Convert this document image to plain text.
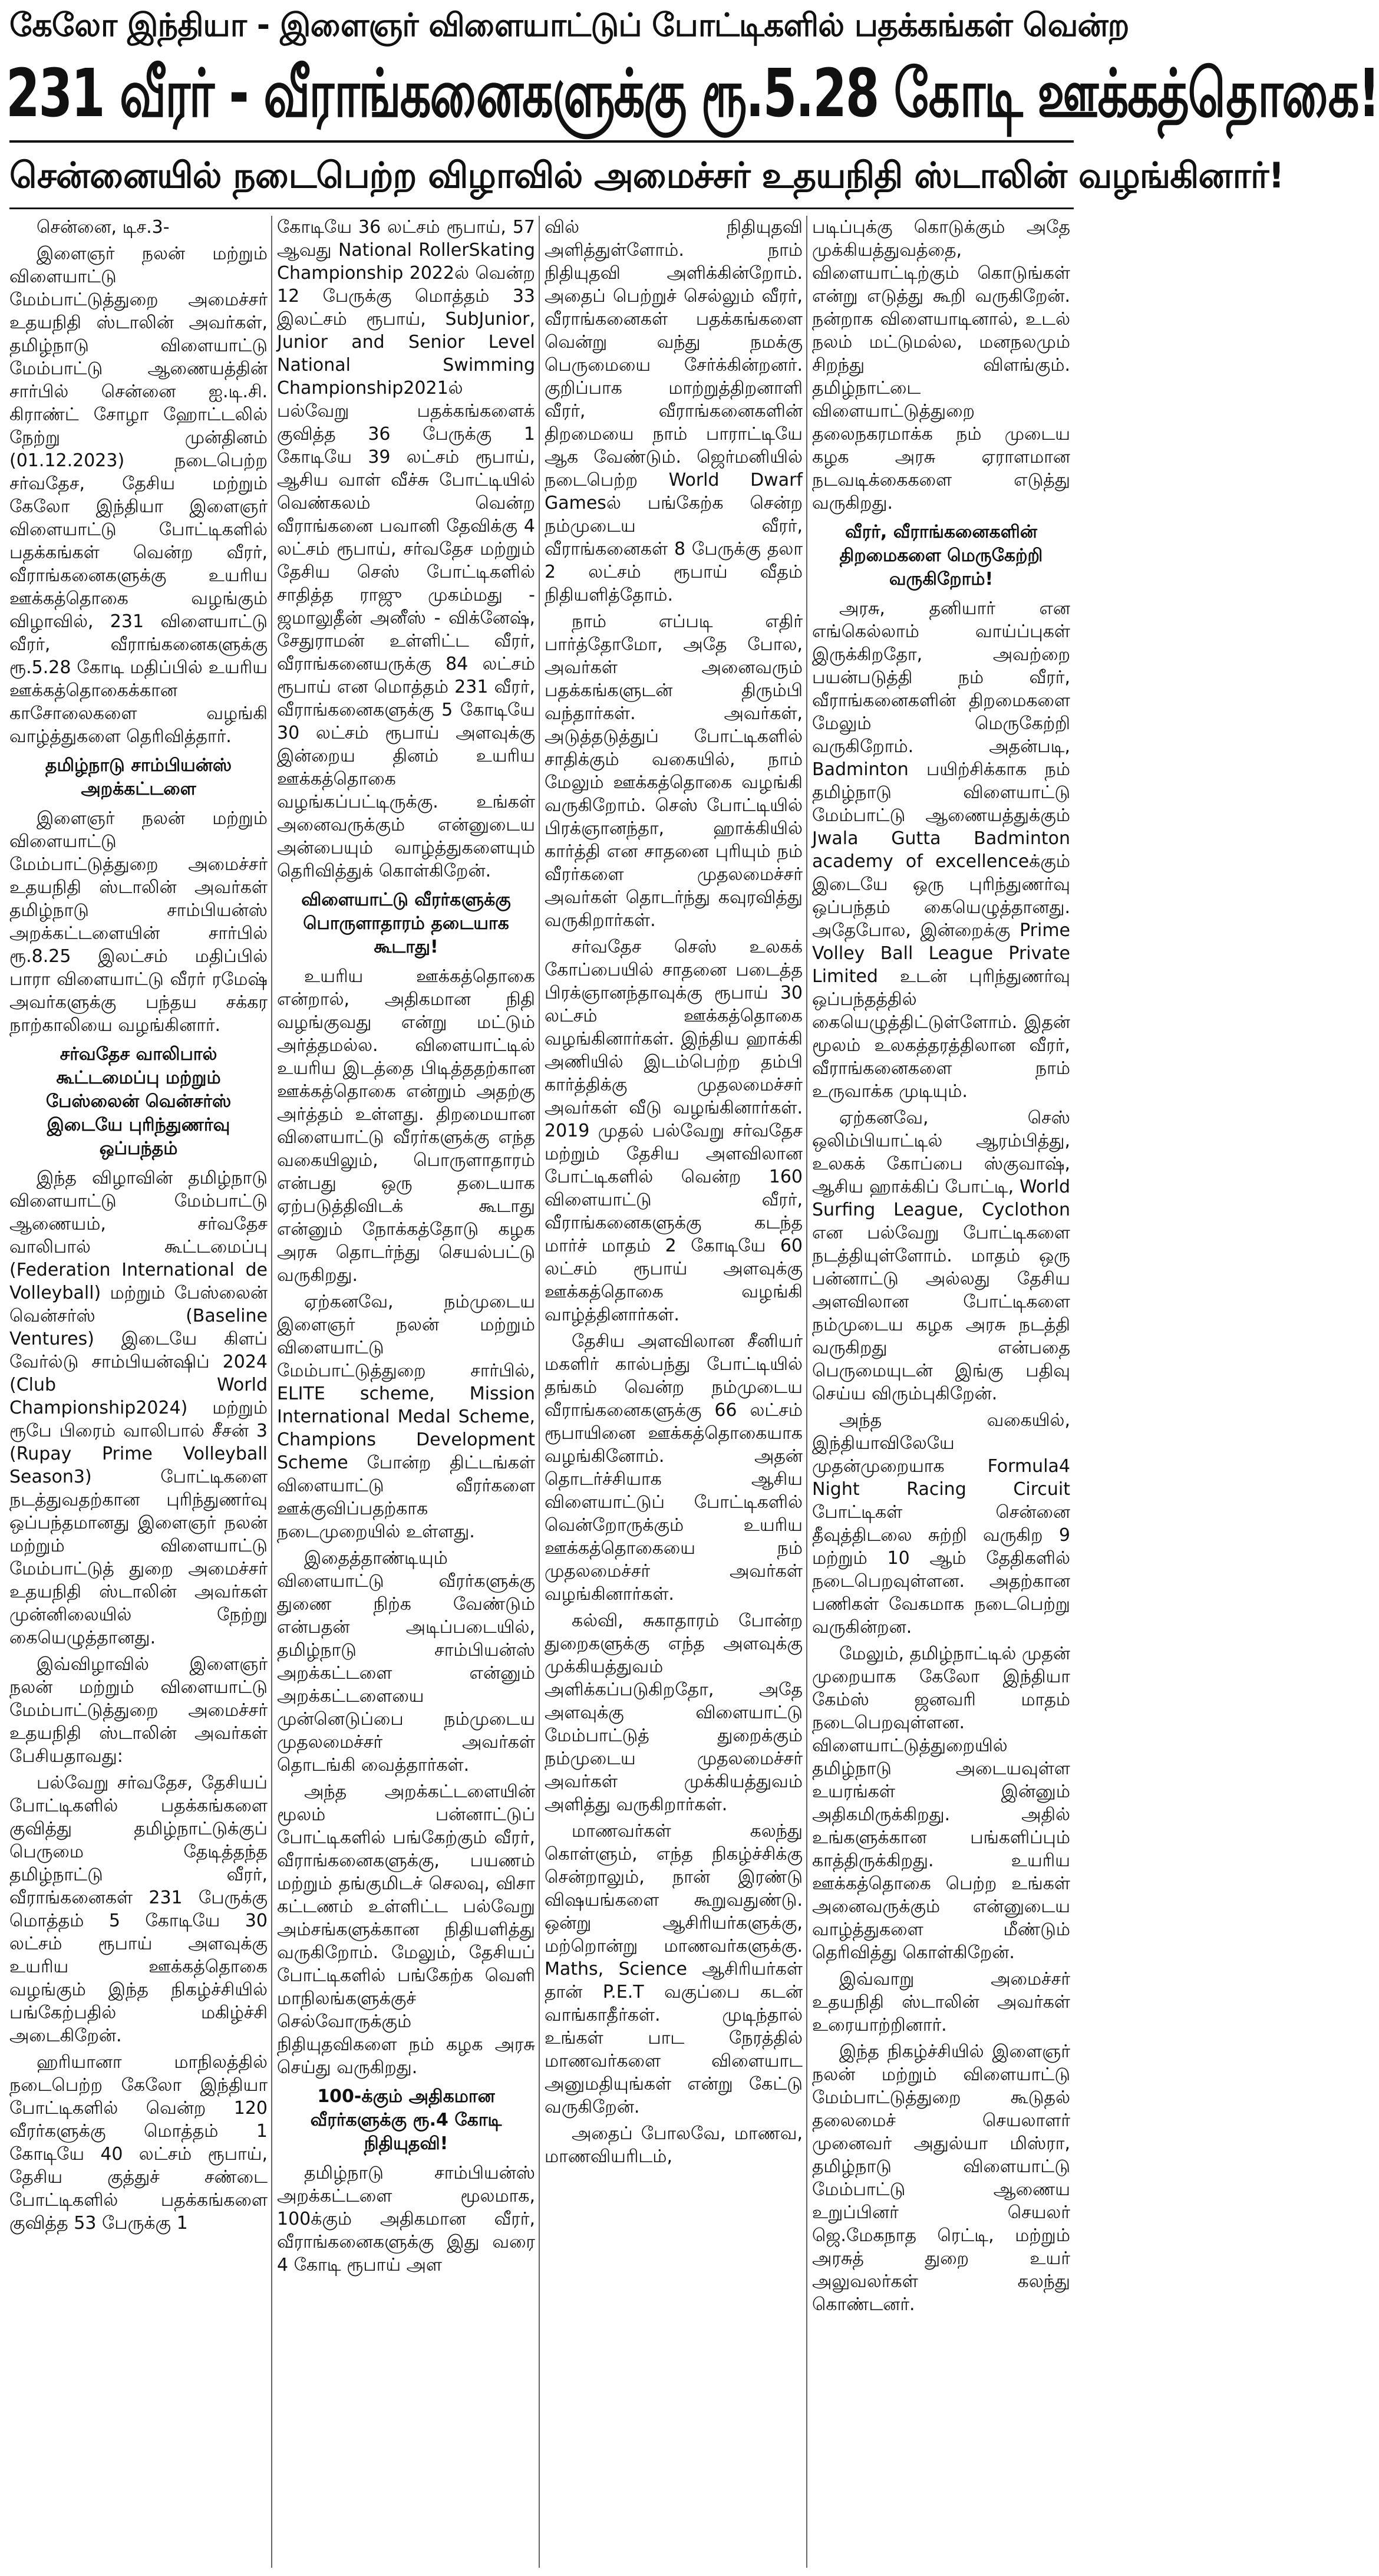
கேலோ இந்தியா - இளைஞர் விளையாட்டுப் போட்டிகளில் பதக்கங்கள் வென்ற
231 வீரர் - வீராங்கனைகளுக்கு ரூ.5.28 கோடி ஊக்கத்தொகை!
சென்னையில் நடைபெற்ற விழாவில் அமைச்சர் உதயநிதி ஸ்டாலின் வழங்கினார்!

சென்னை, டிச.3-

இளைஞர் நலன் மற்றும் விளையாட்டு மேம்பாட்டுத்துறை அமைச்சர் உதயநிதி ஸ்டாலின் அவர்கள், தமிழ்நாடு விளையாட்டு மேம்பாட்டு ஆணையத்தின் சார்பில் சென்னை ஐ.டி.சி. கிராண்ட் சோழா ஹோட்டலில் நேற்று முன்தினம் (01.12.2023) நடைபெற்ற சர்வதேச, தேசிய மற்றும் கேலோ இந்தியா இளைஞர் விளையாட்டு போட்டிகளில் பதக்கங்கள் வென்ற வீரர், வீராங்கனைகளுக்கு உயரிய ஊக்கத்தொகை வழங்கும் விழாவில், 231 விளையாட்டு வீரர், வீராங்கனைகளுக்கு ரூ.5.28 கோடி மதிப்பில் உயரிய ஊக்கத்தொகைக்கான காசோலைகளை வழங்கி வாழ்த்துகளை தெரிவித்தார்.

தமிழ்நாடு சாம்பியன்ஸ் அறக்கட்டளை

இளைஞர் நலன் மற்றும் விளையாட்டு மேம்பாட்டுத்துறை அமைச்சர் உதயநிதி ஸ்டாலின் அவர்கள் தமிழ்நாடு சாம்பியன்ஸ் அறக்கட்டளையின் சார்பில் ரூ.8.25 இலட்சம் மதிப்பில் பாரா விளையாட்டு வீரர் ரமேஷ் அவர்களுக்கு பந்தய சக்கர நாற்காலியை வழங்கினார்.

சர்வதேச வாலிபால் கூட்டமைப்பு மற்றும் பேஸ்லைன் வென்சர்ஸ் இடையே புரிந்துணர்வு ஒப்பந்தம்

இந்த விழாவின் தமிழ்நாடு விளையாட்டு மேம்பாட்டு ஆணையம், சர்வதேச வாலிபால் கூட்டமைப்பு (Federation International de Volleyball) மற்றும் பேஸ்லைன் வென்சர்ஸ் (Baseline Ventures) இடையே கிளப் வேர்ல்டு சாம்பியன்ஷிப் 2024 (Club World Championship2024) மற்றும் ரூபே பிரைம் வாலிபால் சீசன் 3 (Rupay Prime Volleyball Season3) போட்டிகளை நடத்துவதற்கான புரிந்துணர்வு ஒப்பந்தமானது இளைஞர் நலன் மற்றும் விளையாட்டு மேம்பாட்டுத் துறை அமைச்சர் உதயநிதி ஸ்டாலின் அவர்கள் முன்னிலையில் நேற்று கையெழுத்தானது.

இவ்விழாவில் இளைஞர் நலன் மற்றும் விளையாட்டு மேம்பாட்டுத்துறை அமைச்சர் உதயநிதி ஸ்டாலின் அவர்கள் பேசியதாவது:

பல்வேறு சர்வதேச, தேசியப் போட்டிகளில் பதக்கங்களை குவித்து தமிழ்நாட்டுக்குப் பெருமை தேடித்தந்த தமிழ்நாட்டு வீரர், வீராங்கனைகள் 231 பேருக்கு மொத்தம் 5 கோடியே 30 லட்சம் ரூபாய் அளவுக்கு உயரிய ஊக்கத்தொகை வழங்கும் இந்த நிகழ்ச்சியில் பங்கேற்பதில் மகிழ்ச்சி அடைகிறேன்.

ஹரியானா மாநிலத்தில் நடைபெற்ற கேலோ இந்தியா போட்டிகளில் வென்ற 120 வீரர்களுக்கு மொத்தம் 1 கோடியே 40 லட்சம் ரூபாய், தேசிய குத்துச் சண்டை போட்டிகளில் பதக்கங்களை குவித்த 53 பேருக்கு 1

கோடியே 36 லட்சம் ரூபாய், 57 ஆவது National RollerSkating Championship 2022ல் வென்ற 12 பேருக்கு மொத்தம் 33 இலட்சம் ரூபாய், SubJunior, Junior and Senior Level National Swimming Championship2021ல் பல்வேறு பதக்கங்களைக் குவித்த 36 பேருக்கு 1 கோடியே 39 லட்சம் ரூபாய், ஆசிய வாள் வீச்சு போட்டியில் வெண்கலம் வென்ற வீராங்கனை பவானி தேவிக்கு 4 லட்சம் ரூபாய், சர்வதேச மற்றும் தேசிய செஸ் போட்டிகளில் சாதித்த ராஜு முகம்மது - ஜமாலுதீன் அனீஸ் - விக்னேஷ், சேதுராமன் உள்ளிட்ட வீரர், வீராங்கனையருக்கு 84 லட்சம் ரூபாய் என மொத்தம் 231 வீரர், வீராங்கனைகளுக்கு 5 கோடியே 30 லட்சம் ரூபாய் அளவுக்கு இன்றைய தினம் உயரிய ஊக்கத்தொகை வழங்கப்பட்டிருக்கு. உங்கள் அனைவருக்கும் என்னுடைய அன்பையும் வாழ்த்துகளையும் தெரிவித்துக் கொள்கிறேன்.

விளையாட்டு வீரர்களுக்கு பொருளாதாரம் தடையாக கூடாது!

உயரிய ஊக்கத்தொகை என்றால், அதிகமான நிதி வழங்குவது என்று மட்டும் அர்த்தமல்ல. விளையாட்டில் உயரிய இடத்தை பிடித்ததற்கான ஊக்கத்தொகை என்றும் அதற்கு அர்த்தம் உள்ளது. திறமையான விளையாட்டு வீரர்களுக்கு எந்த வகையிலும், பொருளாதாரம் என்பது ஒரு தடையாக ஏற்படுத்திவிடக் கூடாது என்னும் நோக்கத்தோடு கழக அரசு தொடர்ந்து செயல்பட்டு வருகிறது.

ஏற்கனவே, நம்முடைய இளைஞர் நலன் மற்றும் விளையாட்டு மேம்பாட்டுத்துறை சார்பில், ELITE scheme, Mission International Medal Scheme, Champions Development Scheme போன்ற திட்டங்கள் விளையாட்டு வீரர்களை ஊக்குவிப்பதற்காக நடைமுறையில் உள்ளது.

இதைத்தாண்டியும் விளையாட்டு வீரர்களுக்கு துணை நிற்க வேண்டும் என்பதன் அடிப்படையில், தமிழ்நாடு சாம்பியன்ஸ் அறக்கட்டளை என்னும் அறக்கட்டளையை முன்னெடுப்பை நம்முடைய முதலமைச்சர் அவர்கள் தொடங்கி வைத்தார்கள்.

அந்த அறக்கட்டளையின் மூலம் பன்னாட்டுப் போட்டிகளில் பங்கேற்கும் வீரர், வீராங்கனைகளுக்கு, பயணம் மற்றும் தங்குமிடச் செலவு, விசா கட்டணம் உள்ளிட்ட பல்வேறு அம்சங்களுக்கான நிதியளித்து வருகிறோம். மேலும், தேசியப் போட்டிகளில் பங்கேற்க வெளி மாநிலங்களுக்குச் செல்வோருக்கும் நிதியுதவிகளை நம் கழக அரசு செய்து வருகிறது.

100-க்கும் அதிகமான வீரர்களுக்கு ரூ.4 கோடி நிதியுதவி!

தமிழ்நாடு சாம்பியன்ஸ் அறக்கட்டளை மூலமாக, 100க்கும் அதிகமான வீரர், வீராங்கனைகளுக்கு இது வரை 4 கோடி ரூபாய் அள

வில் நிதியுதவி அளித்துள்ளோம். நாம் நிதியுதவி அளிக்கின்றோம். அதைப் பெற்றுச் செல்லும் வீரர், வீராங்கனைகள் பதக்கங்களை வென்று வந்து நமக்கு பெருமையை சேர்க்கின்றனர். குறிப்பாக மாற்றுத்திறனாளி வீரர், வீராங்கனைகளின் திறமையை நாம் பாராட்டியே ஆக வேண்டும். ஜெர்மனியில் நடைபெற்ற World Dwarf Gamesல் பங்கேற்க சென்ற நம்முடைய வீரர், வீராங்கனைகள் 8 பேருக்கு தலா 2 லட்சம் ரூபாய் வீதம் நிதியளித்தோம்.

நாம் எப்படி எதிர் பார்த்தோமோ, அதே போல, அவர்கள் அனைவரும் பதக்கங்களுடன் திரும்பி வந்தார்கள். அவர்கள், அடுத்தடுத்துப் போட்டிகளில் சாதிக்கும் வகையில், நாம் மேலும் ஊக்கத்தொகை வழங்கி வருகிறோம். செஸ் போட்டியில் பிரக்ஞானந்தா, ஹாக்கியில் கார்த்தி என சாதனை புரியும் நம் வீரர்களை முதலமைச்சர் அவர்கள் தொடர்ந்து கவுரவித்து வருகிறார்கள்.

சர்வதேச செஸ் உலகக் கோப்பையில் சாதனை படைத்த பிரக்ஞானந்தாவுக்கு ரூபாய் 30 லட்சம் ஊக்கத்தொகை வழங்கினார்கள். இந்திய ஹாக்கி அணியில் இடம்பெற்ற தம்பி கார்த்திக்கு முதலமைச்சர் அவர்கள் வீடு வழங்கினார்கள். 2019 முதல் பல்வேறு சர்வதேச மற்றும் தேசிய அளவிலான போட்டிகளில் வென்ற 160 விளையாட்டு வீரர், வீராங்கனைகளுக்கு கடந்த மார்ச் மாதம் 2 கோடியே 60 லட்சம் ரூபாய் அளவுக்கு ஊக்கத்தொகை வழங்கி வாழ்த்தினார்கள்.

தேசிய அளவிலான சீனியர் மகளிர் கால்பந்து போட்டியில் தங்கம் வென்ற நம்முடைய வீராங்கனைகளுக்கு 66 லட்சம் ரூபாயினை ஊக்கத்தொகையாக வழங்கினோம். அதன் தொடர்ச்சியாக ஆசிய விளையாட்டுப் போட்டிகளில் வென்றோருக்கும் உயரிய ஊக்கத்தொகையை நம் முதலமைச்சர் அவர்கள் வழங்கினார்கள்.

கல்வி, சுகாதாரம் போன்ற துறைகளுக்கு எந்த அளவுக்கு முக்கியத்துவம் அளிக்கப்படுகிறதோ, அதே அளவுக்கு விளையாட்டு மேம்பாட்டுத் துறைக்கும் நம்முடைய முதலமைச்சர் அவர்கள் முக்கியத்துவம் அளித்து வருகிறார்கள்.

மாணவர்கள் கலந்து கொள்ளும், எந்த நிகழ்ச்சிக்கு சென்றாலும், நான் இரண்டு விஷயங்களை கூறுவதுண்டு. ஒன்று ஆசிரியர்களுக்கு, மற்றொன்று மாணவர்களுக்கு. Maths, Science ஆசிரியர்கள் தான் P.E.T வகுப்பை கடன் வாங்காதீர்கள். முடிந்தால் உங்கள் பாட நேரத்தில் மாணவர்களை விளையாட அனுமதியுங்கள் என்று கேட்டு வருகிறேன்.

அதைப் போலவே, மாணவ, மாணவியரிடம்,

படிப்புக்கு கொடுக்கும் அதே முக்கியத்துவத்தை, விளையாட்டிற்கும் கொடுங்கள் என்று எடுத்து கூறி வருகிறேன். நன்றாக விளையாடினால், உடல் நலம் மட்டுமல்ல, மனநலமும் சிறந்து விளங்கும். தமிழ்நாட்டை விளையாட்டுத்துறை தலைநகரமாக்க நம் முடைய கழக அரசு ஏராளமான நடவடிக்கைகளை எடுத்து வருகிறது.

வீரர், வீராங்கனைகளின் திறமைகளை மெருகேற்றி வருகிறோம்!

அரசு, தனியார் என எங்கெல்லாம் வாய்ப்புகள் இருக்கிறதோ, அவற்றை பயன்படுத்தி நம் வீரர், வீராங்கனைகளின் திறமைகளை மேலும் மெருகேற்றி வருகிறோம். அதன்படி, Badminton பயிற்சிக்காக நம் தமிழ்நாடு விளையாட்டு மேம்பாட்டு ஆணையத்துக்கும் Jwala Gutta Badminton academy of excellenceக்கும் இடையே ஒரு புரிந்துணர்வு ஒப்பந்தம் கையெழுத்தானது. அதேபோல, இன்றைக்கு Prime Volley Ball League Private Limited உடன் புரிந்துணர்வு ஒப்பந்தத்தில் கையெழுத்திட்டுள்ளோம். இதன் மூலம் உலகத்தரத்திலான வீரர், வீராங்கனைகளை நாம் உருவாக்க முடியும்.

ஏற்கனவே, செஸ் ஒலிம்பியாட்டில் ஆரம்பித்து, உலகக் கோப்பை ஸ்குவாஷ், ஆசிய ஹாக்கிப் போட்டி, World Surfing League, Cyclothon என பல்வேறு போட்டிகளை நடத்தியுள்ளோம். மாதம் ஒரு பன்னாட்டு அல்லது தேசிய அளவிலான போட்டிகளை நம்முடைய கழக அரசு நடத்தி வருகிறது என்பதை பெருமையுடன் இங்கு பதிவு செய்ய விரும்புகிறேன்.

அந்த வகையில், இந்தியாவிலேயே முதன்முறையாக Formula4 Night Racing Circuit போட்டிகள் சென்னை தீவுத்திடலை சுற்றி வருகிற 9 மற்றும் 10 ஆம் தேதிகளில் நடைபெறவுள்ளன. அதற்கான பணிகள் வேகமாக நடைபெற்று வருகின்றன.

மேலும், தமிழ்நாட்டில் முதன் முறையாக கேலோ இந்தியா கேம்ஸ் ஜனவரி மாதம் நடைபெறவுள்ளன. விளையாட்டுத்துறையில் தமிழ்நாடு அடையவுள்ள உயரங்கள் இன்னும் அதிகமிருக்கிறது. அதில் உங்களுக்கான பங்களிப்பும் காத்திருக்கிறது. உயரிய ஊக்கத்தொகை பெற்ற உங்கள் அனைவருக்கும் என்னுடைய வாழ்த்துகளை மீண்டும் தெரிவித்து கொள்கிறேன்.

இவ்வாறு அமைச்சர் உதயநிதி ஸ்டாலின் அவர்கள் உரையாற்றினார்.

இந்த நிகழ்ச்சியில் இளைஞர் நலன் மற்றும் விளையாட்டு மேம்பாட்டுத்துறை கூடுதல் தலைமைச் செயலாளர் முனைவர் அதுல்யா மிஸ்ரா, தமிழ்நாடு விளையாட்டு மேம்பாட்டு ஆணைய உறுப்பினர் செயலர் ஜெ.மேகநாத ரெட்டி, மற்றும் அரசுத் துறை உயர் அலுவலர்கள் கலந்து கொண்டனர்.
